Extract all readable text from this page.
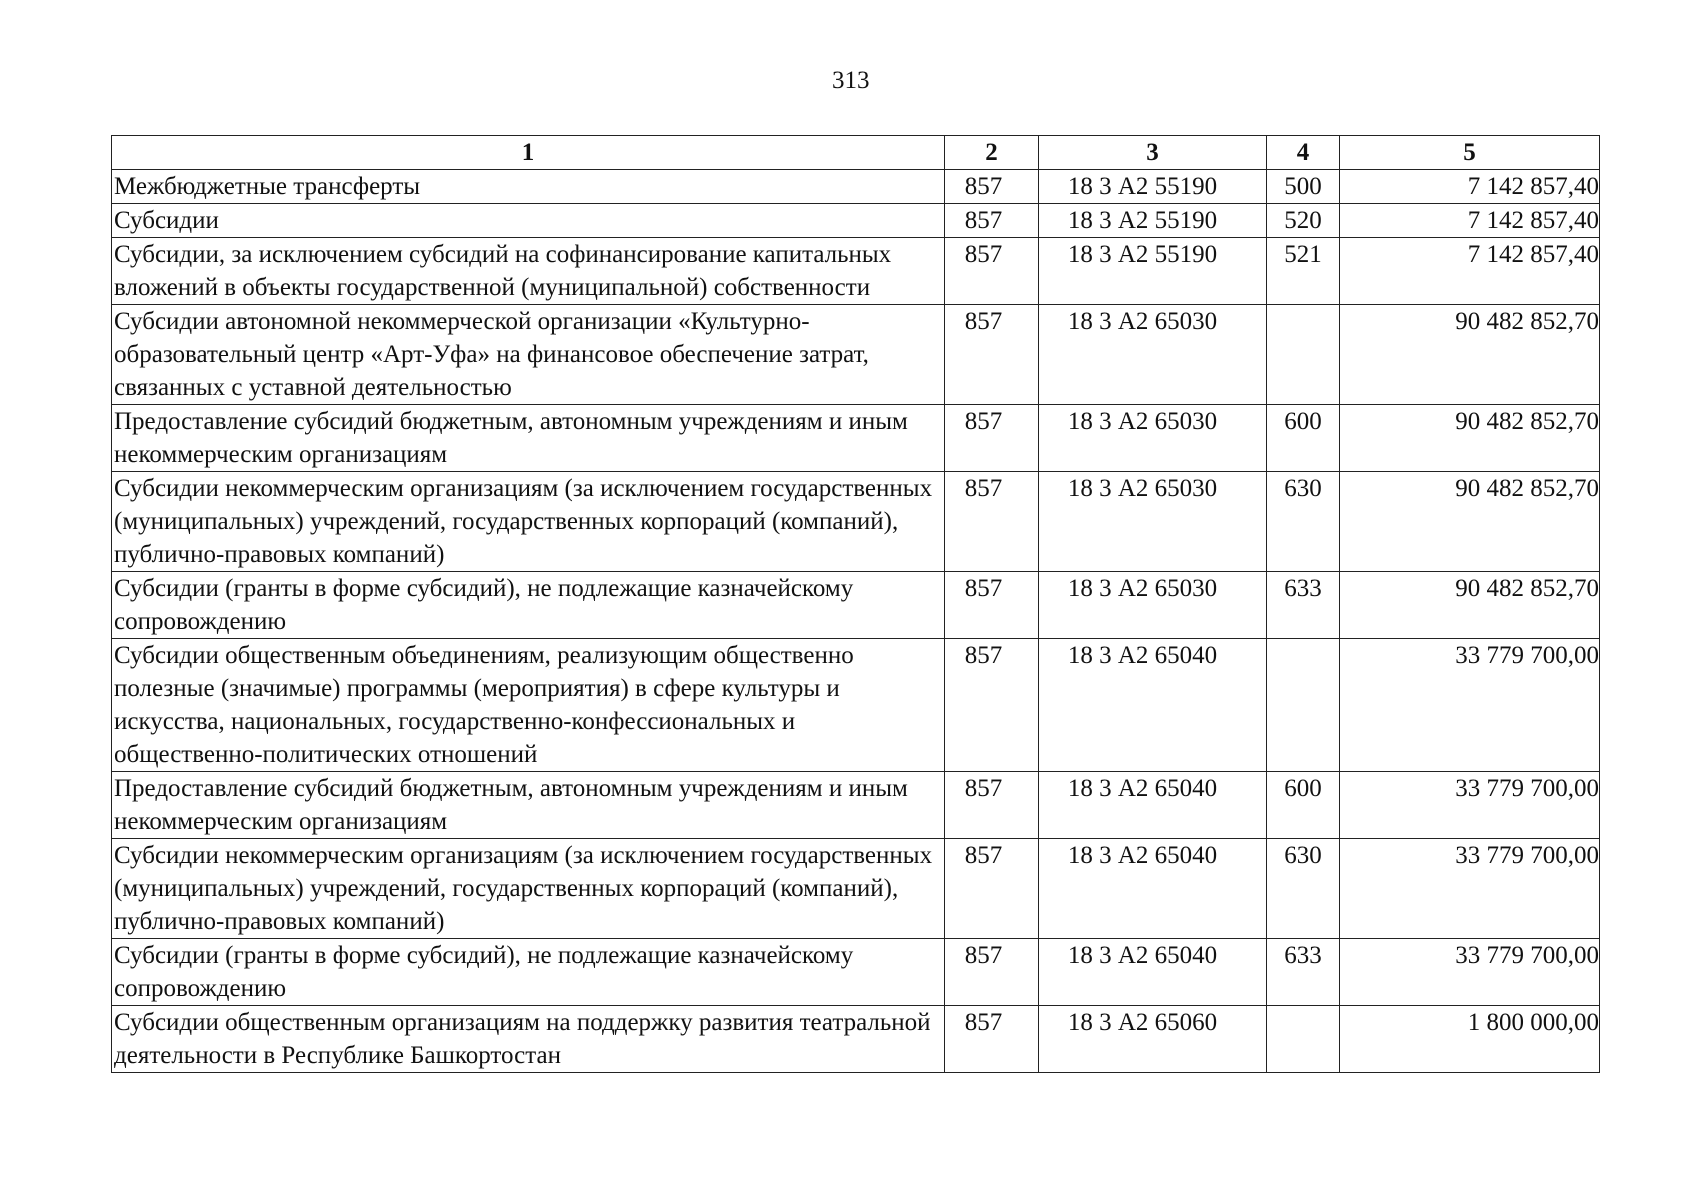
313
1	2	3	4	5
Межбюджетные трансферты	857	18 3 А2 55190	500	7 142 857,40
Субсидии	857	18 3 А2 55190	520	7 142 857,40
Субсидии, за исключением субсидий на софинансирование капитальных вложений в объекты государственной (муниципальной) собственности	857	18 3 А2 55190	521	7 142 857,40
Субсидии автономной некоммерческой организации «Культурно-образовательный центр «Арт-Уфа» на финансовое обеспечение затрат, связанных с уставной деятельностью	857	18 3 А2 65030		90 482 852,70
Предоставление субсидий бюджетным, автономным учреждениям и иным некоммерческим организациям	857	18 3 А2 65030	600	90 482 852,70
Субсидии некоммерческим организациям (за исключением государственных (муниципальных) учреждений, государственных корпораций (компаний), публично-правовых компаний)	857	18 3 А2 65030	630	90 482 852,70
Субсидии (гранты в форме субсидий), не подлежащие казначейскому сопровождению	857	18 3 А2 65030	633	90 482 852,70
Субсидии общественным объединениям, реализующим общественно полезные (значимые) программы (мероприятия) в сфере культуры и искусства, национальных, государственно-конфессиональных и общественно-политических отношений	857	18 3 А2 65040		33 779 700,00
Предоставление субсидий бюджетным, автономным учреждениям и иным некоммерческим организациям	857	18 3 А2 65040	600	33 779 700,00
Субсидии некоммерческим организациям (за исключением государственных (муниципальных) учреждений, государственных корпораций (компаний), публично-правовых компаний)	857	18 3 А2 65040	630	33 779 700,00
Субсидии (гранты в форме субсидий), не подлежащие казначейскому сопровождению	857	18 3 А2 65040	633	33 779 700,00
Субсидии общественным организациям на поддержку развития театральной деятельности в Республике Башкортостан	857	18 3 А2 65060		1 800 000,00
